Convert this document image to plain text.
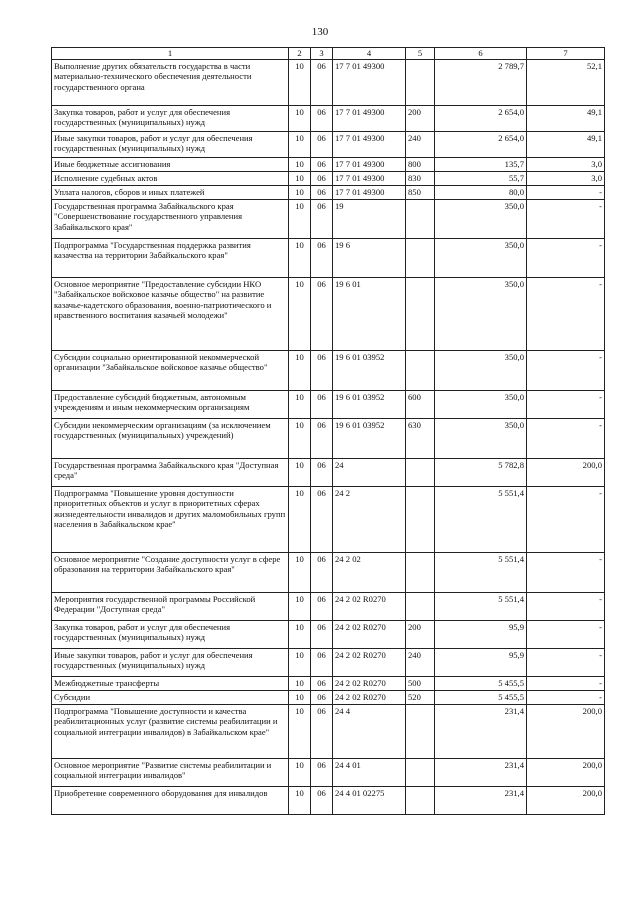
130
1	2	3	4	5	6	7
Выполнение других обязательств государства в части материально-технического обеспечения деятельности государственного органа	10	06	17 7 01 49300		2 789,7	52,1
Закупка товаров, работ и услуг для обеспечения государственных (муниципальных) нужд	10	06	17 7 01 49300	200	2 654,0	49,1
Иные закупки товаров, работ и услуг для обеспечения государственных (муниципальных) нужд	10	06	17 7 01 49300	240	2 654,0	49,1
Иные бюджетные ассигнования	10	06	17 7 01 49300	800	135,7	3,0
Исполнение судебных актов	10	06	17 7 01 49300	830	55,7	3,0
Уплата налогов, сборов и иных платежей	10	06	17 7 01 49300	850	80,0	-
Государственная программа Забайкальского края "Совершенствование государственного управления Забайкальского края"	10	06	19		350,0	-
Подпрограмма "Государственная поддержка развития казачества на территории Забайкальского края"	10	06	19 6		350,0	-
Основное мероприятие "Предоставление субсидии НКО "Забайкальское войсковое казачье общество" на развитие казачье-кадетского образования, военно-патриотического и нравственного воспитания казачьей молодежи"	10	06	19 6 01		350,0	-
Субсидии социально ориентированной некоммерческой организации "Забайкальское войсковое казачье общество"	10	06	19 6 01 03952		350,0	-
Предоставление субсидий бюджетным, автономным учреждениям и иным некоммерческим организациям	10	06	19 6 01 03952	600	350,0	-
Субсидии некоммерческим организациям (за исключением государственных (муниципальных) учреждений)	10	06	19 6 01 03952	630	350,0	-
Государственная программа Забайкальского края "Доступная среда"	10	06	24		5 782,8	200,0
Подпрограмма "Повышение уровня доступности приоритетных объектов и услуг в приоритетных сферах жизнедеятельности инвалидов и других маломобильных групп населения в Забайкальском крае"	10	06	24 2		5 551,4	-
Основное мероприятие "Создание доступности услуг в сфере образования на территории Забайкальского края"	10	06	24 2 02		5 551,4	-
Мероприятия государственной программы Российской Федерации "Доступная среда"	10	06	24 2 02 R0270		5 551,4	-
Закупка товаров, работ и услуг для обеспечения государственных (муниципальных) нужд	10	06	24 2 02 R0270	200	95,9	-
Иные закупки товаров, работ и услуг для обеспечения государственных (муниципальных) нужд	10	06	24 2 02 R0270	240	95,9	-
Межбюджетные трансферты	10	06	24 2 02 R0270	500	5 455,5	-
Субсидии	10	06	24 2 02 R0270	520	5 455,5	-
Подпрограмма "Повышение доступности и качества реабилитационных услуг (развитие системы реабилитации и социальной интеграции инвалидов) в Забайкальском крае"	10	06	24 4		231,4	200,0
Основное мероприятие "Развитие системы реабилитации и социальной интеграции инвалидов"	10	06	24 4 01		231,4	200,0
Приобретение современного оборудования для инвалидов	10	06	24 4 01 02275		231,4	200,0
